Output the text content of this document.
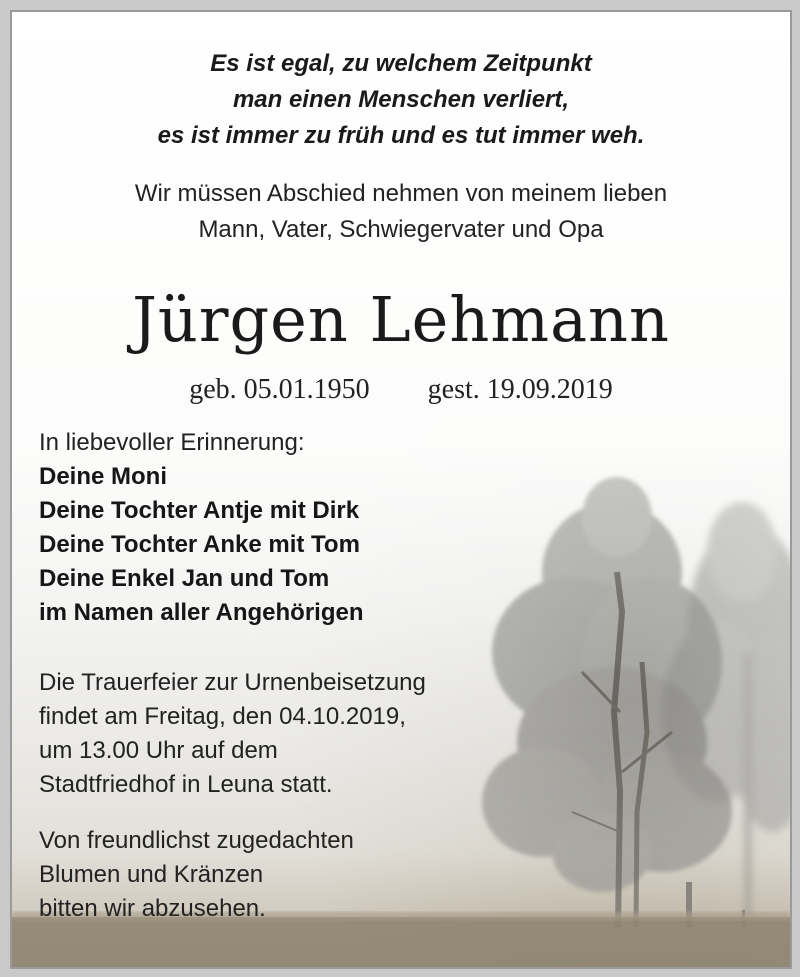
Es ist egal, zu welchem Zeitpunkt
man einen Menschen verliert,
es ist immer zu früh und es tut immer weh.
Wir müssen Abschied nehmen von meinem lieben
Mann, Vater, Schwiegervater und Opa
Jürgen Lehmann
geb. 05.01.1950 gest. 19.09.2019
In liebevoller Erinnerung:
Deine Moni
Deine Tochter Antje mit Dirk
Deine Tochter Anke mit Tom
Deine Enkel Jan und Tom
im Namen aller Angehörigen
Die Trauerfeier zur Urnenbeisetzung
findet am Freitag, den 04.10.2019,
um 13.00 Uhr auf dem
Stadtfriedhof in Leuna statt.
Von freundlichst zugedachten
Blumen und Kränzen
bitten wir abzusehen.
